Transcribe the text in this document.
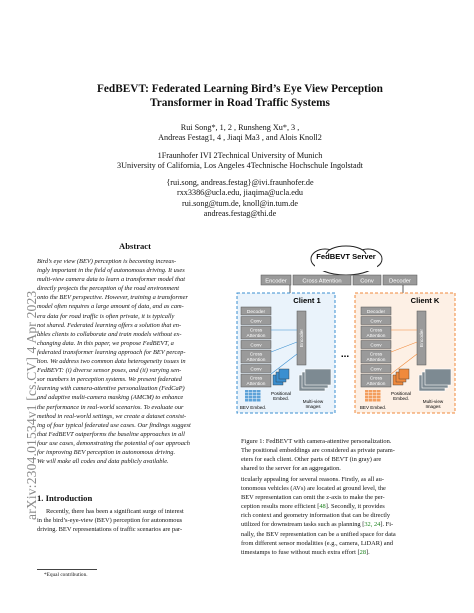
arXiv:2304.01534v1 [cs.CV] 4 Apr 2023
FedBEVT: Federated Learning Bird’s Eye View Perception
Transformer in Road Traffic Systems
Rui Song*, 1, 2 , Runsheng Xu*, 3 ,
Andreas Festag1, 4 , Jiaqi Ma3 , and Alois Knoll2
1Fraunhofer IVI 2Technical University of Munich
3University of California, Los Angeles 4Technische Hochschule Ingolstadt
{rui.song, andreas.festag}@ivi.fraunhofer.de
rxx3386@ucla.edu, jiaqima@ucla.edu
rui.song@tum.de, knoll@in.tum.de
andreas.festag@thi.de
Abstract
Bird’s eye view (BEV) perception is becoming increas-
ingly important in the field of autonomous driving. It uses
multi-view camera data to learn a transformer model that
directly projects the perception of the road environment
onto the BEV perspective. However, training a transformer
model often requires a large amount of data, and as cam-
era data for road traffic is often private, it is typically
not shared. Federated learning offers a solution that en-
ables clients to collaborate and train models without ex-
changing data. In this paper, we propose FedBEVT, a
federated transformer learning approach for BEV percep-
tion. We address two common data heterogeneity issues in
FedBEVT: (i) diverse sensor poses, and (ii) varying sen-
sor numbers in perception systems. We present federated
learning with camera-attentive personalization (FedCaP)
and adaptive multi-camera masking (AMCM) to enhance
the performance in real-world scenarios. To evaluate our
method in real-world settings, we create a dataset consist-
ing of four typical federated use cases. Our findings suggest
that FedBEVT outperforms the baseline approaches in all
four use cases, demonstrating the potential of our approach
for improving BEV perception in autonomous driving.
We will make all codes and data publicly available.
1. Introduction
Recently, there has been a significant surge of interest
in the bird’s-eye-view (BEV) perception for autonomous
driving. BEV representations of traffic scenarios are par-
*Equal contribution.
FedBEVT Server
Encoder	Cross Attention	Conv	Decoder
Client 1
Decoder
Conv
Cross
Attention
Conv
Cross
Attention
Conv
Cross
Attention
Encoder
BEV Embed.
Positional
Embed.
Multi-view
Images
Client K
Decoder
Conv
Cross
Attention
Conv
Cross
Attention
Conv
Cross
Attention
Encoder
BEV Embed.
Positional
Embed.
Multi-view
Images
...
Figure 1: FedBEVT with camera-attentive personalization.
The positional embeddings are considered as private param-
eters for each client. Other parts of BEVT (in gray) are
shared to the server for an aggregation.
ticularly appealing for several reasons. Firstly, as all au-
tonomous vehicles (AVs) are located at ground level, the
BEV representation can omit the z-axis to make the per-
ception results more efficient [48]. Secondly, it provides
rich context and geometry information that can be directly
utilized for downstream tasks such as planning [32, 24]. Fi-
nally, the BEV representation can be a unified space for data
from different sensor modalities (e.g., camera, LiDAR) and
timestamps to fuse without much extra effort [28].
